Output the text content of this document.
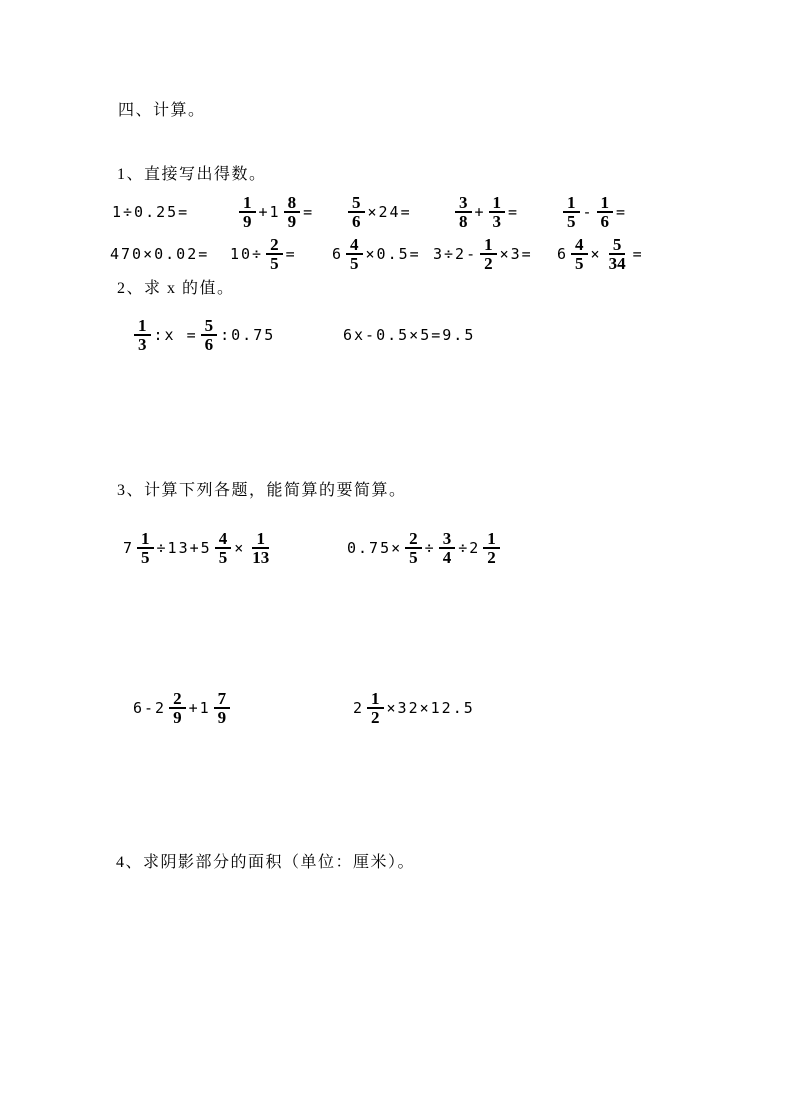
四、计算。
1、直接写出得数。
1÷0.25=	$\frac{1}{9} +1 \frac{8}{9} = \frac{5}{6} \times 24=$	$\frac{3}{8} + \frac{1}{3}$ =	$\frac{1}{5} - \frac{1}{6}$ =
$470\times 0.02= 10\div \frac{2}{5} = 6 \frac{4}{5} \times 0.5= 3\div 2- \frac{1}{2} \times 3= 6 \frac{4}{5} \times \frac{5}{34}$ =
2、求 x 的值。
$\frac{1}{3}$ :x = $\frac{5}{6}$ :0.75	6x-0.5×5=9.5
3、计算下列各题，能简算的要简算。
$7 \frac{1}{5} \div 13+5 \frac{4}{5} \times \frac{1}{13}$	$0.75\times \frac{2}{5} \div \frac{3}{4} \div 2 \frac{1}{2}$
$6-2 \frac{2}{9} +1 \frac{7}{9}$	$2 \frac{1}{2} \times 32\times 12.5$
4、求阴影部分的面积（单位：厘米）。
